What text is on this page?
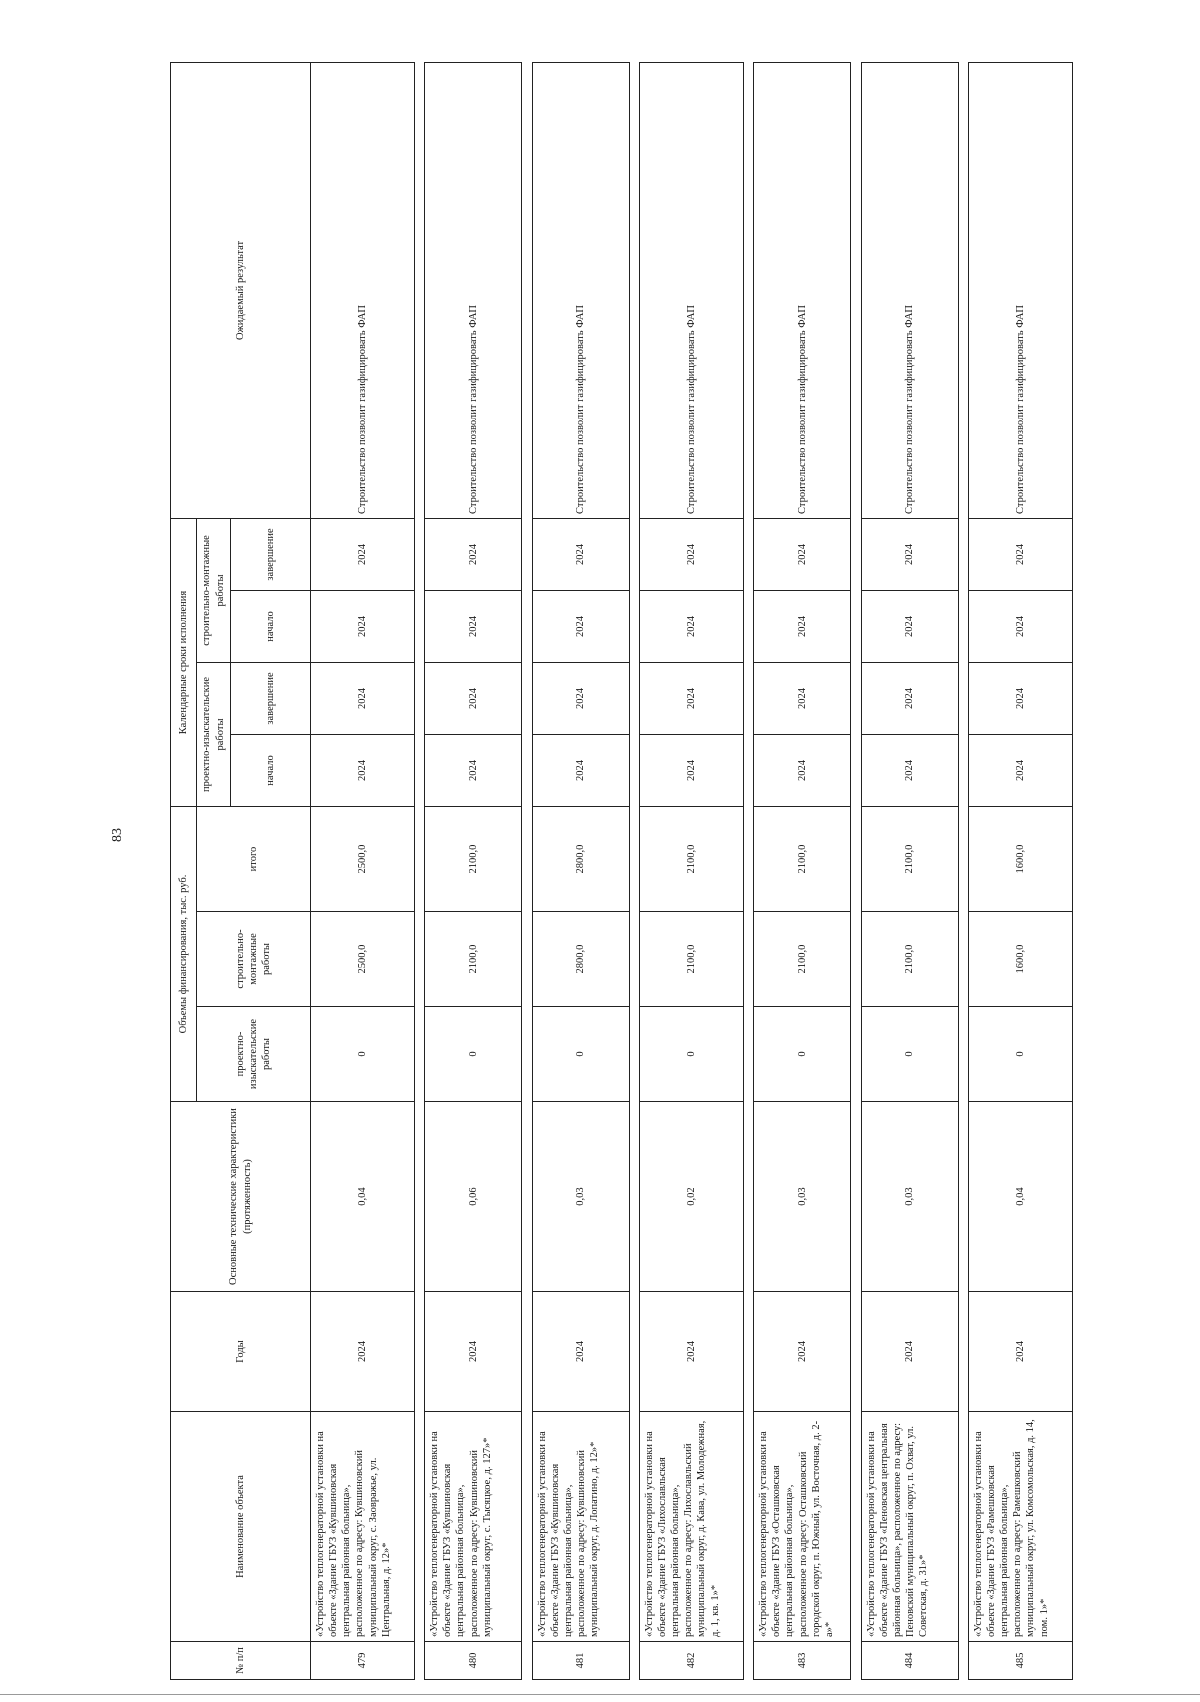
83
№ п/п	Наименование объекта	Годы	Основные технические характеристики (протяженность)	Объемы финансирования, тыс. руб.			Календарные сроки исполнения				Ожидаемый результат
				проектно-изыскательские работы	строительно-монтажные работы	итого	проектно-изыскательские работы		строительно-монтажные работы		
							начало	завершение	начало	завершение	
479	«Устройство теплогенераторной установки на объекте «Здание ГБУЗ «Кувшиновская центральная районная больница», расположенное по адресу: Кувшиновский муниципальный округ, с. Заовражье, ул. Центральная, д. 12»*	2024	0,04	0	2500,0	2500,0	2024	2024	2024	2024	Строительство позволит газифицировать ФАП

480	«Устройство теплогенераторной установки на объекте «Здание ГБУЗ «Кувшиновская центральная районная больница», расположенное по адресу: Кувшиновский муниципальный округ, с. Тысяцкое, д. 127»*	2024	0,06	0	2100,0	2100,0	2024	2024	2024	2024	Строительство позволит газифицировать ФАП

481	«Устройство теплогенераторной установки на объекте «Здание ГБУЗ «Кувшиновская центральная районная больница», расположенное по адресу: Кувшиновский муниципальный округ, д. Лопатино, д. 12»*	2024	0,03	0	2800,0	2800,0	2024	2024	2024	2024	Строительство позволит газифицировать ФАП

482	«Устройство теплогенераторной установки на объекте «Здание ГБУЗ «Лихославльская центральная районная больница», расположенное по адресу: Лихославльский муниципальный округ, д. Кава, ул. Молодежная, д. 1, кв. 1»*	2024	0,02	0	2100,0	2100,0	2024	2024	2024	2024	Строительство позволит газифицировать ФАП

483	«Устройство теплогенераторной установки на объекте «Здание ГБУЗ «Осташковская центральная районная больница», расположенное по адресу: Осташковский городской округ, п. Южный, ул. Восточная, д. 2-а»*	2024	0,03	0	2100,0	2100,0	2024	2024	2024	2024	Строительство позволит газифицировать ФАП

484	«Устройство теплогенераторной установки на объекте «Здание ГБУЗ «Пеновская центральная районная больница», расположенное по адресу: Пеновский муниципальный округ, п. Охват, ул. Советская, д. 31»*	2024	0,03	0	2100,0	2100,0	2024	2024	2024	2024	Строительство позволит газифицировать ФАП

485	«Устройство теплогенераторной установки на объекте «Здание ГБУЗ «Рамешковская центральная районная больница», расположенное по адресу: Рамешковский муниципальный округ, ул. Комсомольская, д. 14, пом. 1»*	2024	0,04	0	1600,0	1600,0	2024	2024	2024	2024	Строительство позволит газифицировать ФАП
